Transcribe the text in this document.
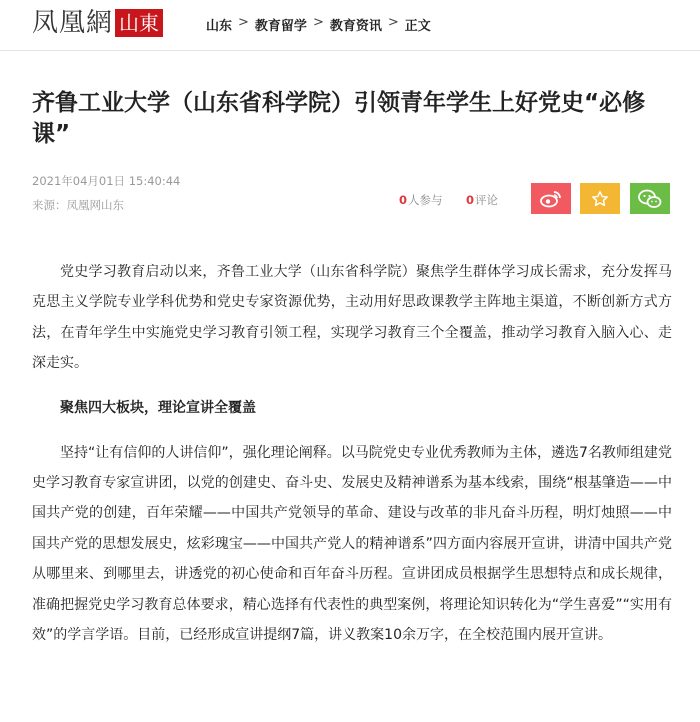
凤凰網 山東	山东 > 教育留学 > 教育资讯 > 正文
齐鲁工业大学（山东省科学院）引领青年学生上好党史“必修课”
2021年04月01日 15:40:44
来源：凤凰网山东	0人参与 0评论

党史学习教育启动以来，齐鲁工业大学（山东省科学院）聚焦学生群体学习成长需求，充分发挥马克思主义学院专业学科优势和党史专家资源优势，主动用好思政课教学主阵地主渠道，不断创新方式方法，在青年学生中实施党史学习教育引领工程，实现学习教育三个全覆盖，推动学习教育入脑入心、走深走实。

聚焦四大板块，理论宣讲全覆盖

坚持“让有信仰的人讲信仰”，强化理论阐释。以马院党史专业优秀教师为主体，遴选7名教师组建党史学习教育专家宣讲团，以党的创建史、奋斗史、发展史及精神谱系为基本线索，围绕“根基肇造——中国共产党的创建，百年荣耀——中国共产党领导的革命、建设与改革的非凡奋斗历程，明灯烛照——中国共产党的思想发展史，炫彩瑰宝——中国共产党人的精神谱系”四方面内容展开宣讲，讲清中国共产党从哪里来、到哪里去，讲透党的初心使命和百年奋斗历程。宣讲团成员根据学生思想特点和成长规律，准确把握党史学习教育总体要求，精心选择有代表性的典型案例，将理论知识转化为“学生喜爱”“实用有效”的学言学语。目前，已经形成宣讲提纲7篇，讲义教案10余万字，在全校范围内展开宣讲。
